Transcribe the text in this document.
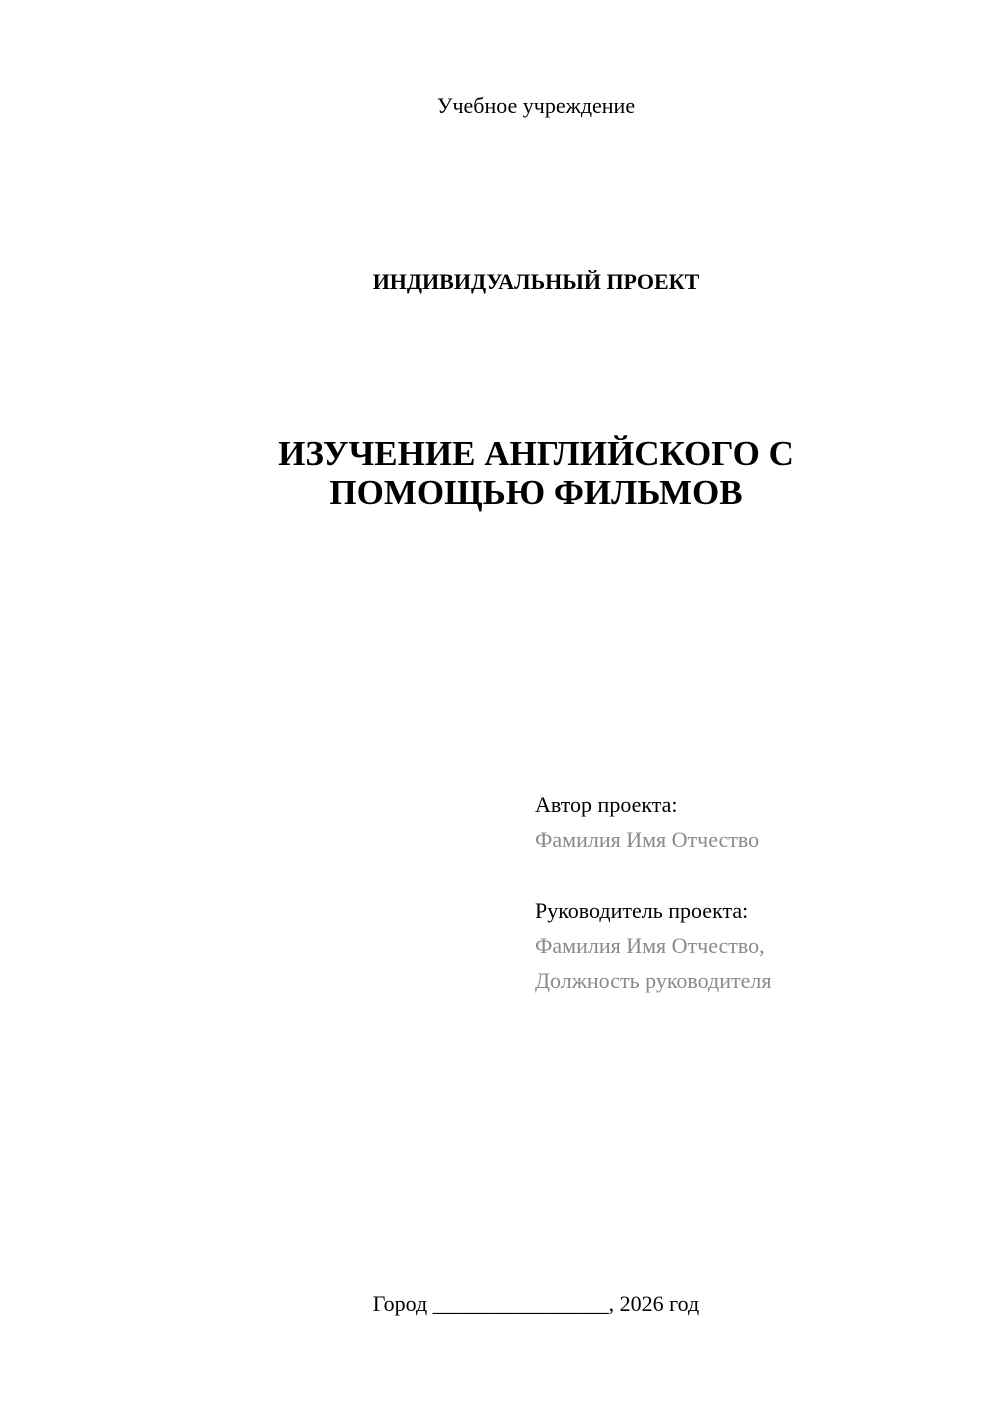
Учебное учреждение
ИНДИВИДУАЛЬНЫЙ ПРОЕКТ
ИЗУЧЕНИЕ АНГЛИЙСКОГО С
ПОМОЩЬЮ ФИЛЬМОВ
Автор проекта:
Фамилия Имя Отчество
Руководитель проекта:
Фамилия Имя Отчество,
Должность руководителя
Город ________________, 2026 год
